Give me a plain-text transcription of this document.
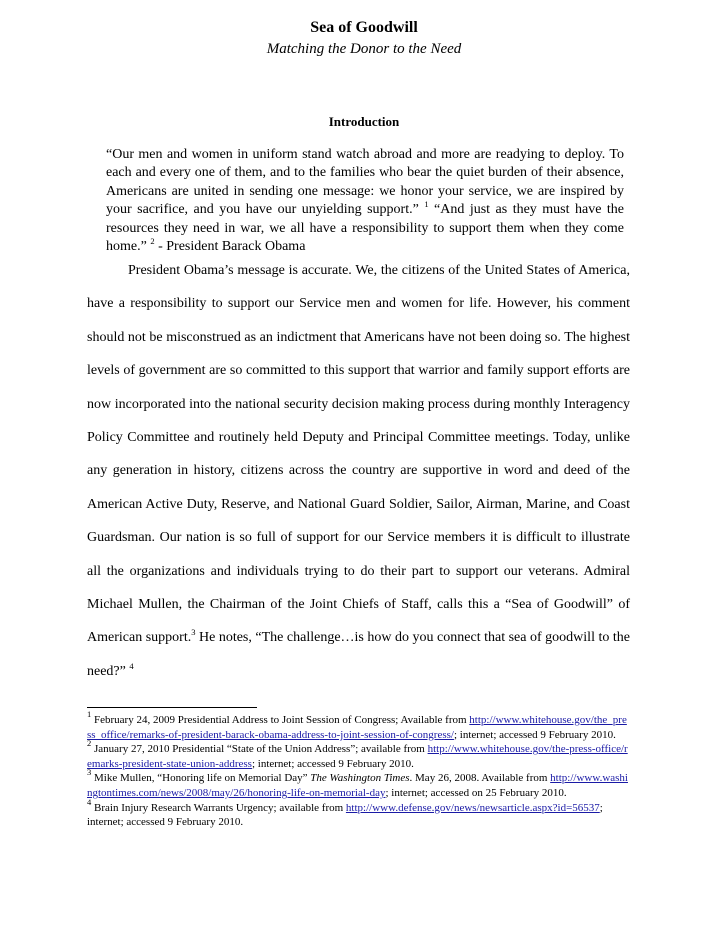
Sea of Goodwill
Matching the Donor to the Need
Introduction
“Our men and women in uniform stand watch abroad and more are readying to deploy. To each and every one of them, and to the families who bear the quiet burden of their absence, Americans are united in sending one message: we honor your service, we are inspired by your sacrifice, and you have our unyielding support.” $^1$ “And just as they must have the resources they need in war, we all have a responsibility to support them when they come home.” $^2$ - President Barack Obama
President Obama’s message is accurate. We, the citizens of the United States of America, have a responsibility to support our Service men and women for life. However, his comment should not be misconstrued as an indictment that Americans have not been doing so. The highest levels of government are so committed to this support that warrior and family support efforts are now incorporated into the national security decision making process during monthly Interagency Policy Committee and routinely held Deputy and Principal Committee meetings. Today, unlike any generation in history, citizens across the country are supportive in word and deed of the American Active Duty, Reserve, and National Guard Soldier, Sailor, Airman, Marine, and Coast Guardsman. Our nation is so full of support for our Service members it is difficult to illustrate all the organizations and individuals trying to do their part to support our veterans. Admiral Michael Mullen, the Chairman of the Joint Chiefs of Staff, calls this a “Sea of Goodwill” of American support.$^3$ He notes, “The challenge…is how do you connect that sea of goodwill to the need?” $^4$

$^1$ February 24, 2009 Presidential Address to Joint Session of Congress; Available from http://www.whitehouse.gov/the_press_office/remarks-of-president-barack-obama-address-to-joint-session-of-congress/; internet; accessed 9 February 2010.

$^2$ January 27, 2010 Presidential “State of the Union Address”; available from http://www.whitehouse.gov/the-press-office/remarks-president-state-union-address; internet; accessed 9 February 2010.

$^3$ Mike Mullen, “Honoring life on Memorial Day” The Washington Times. May 26, 2008. Available from http://www.washingtontimes.com/news/2008/may/26/honoring-life-on-memorial-day; internet; accessed on 25 February 2010.

$^4$ Brain Injury Research Warrants Urgency; available from http://www.defense.gov/news/newsarticle.aspx?id=56537; internet; accessed 9 February 2010.
